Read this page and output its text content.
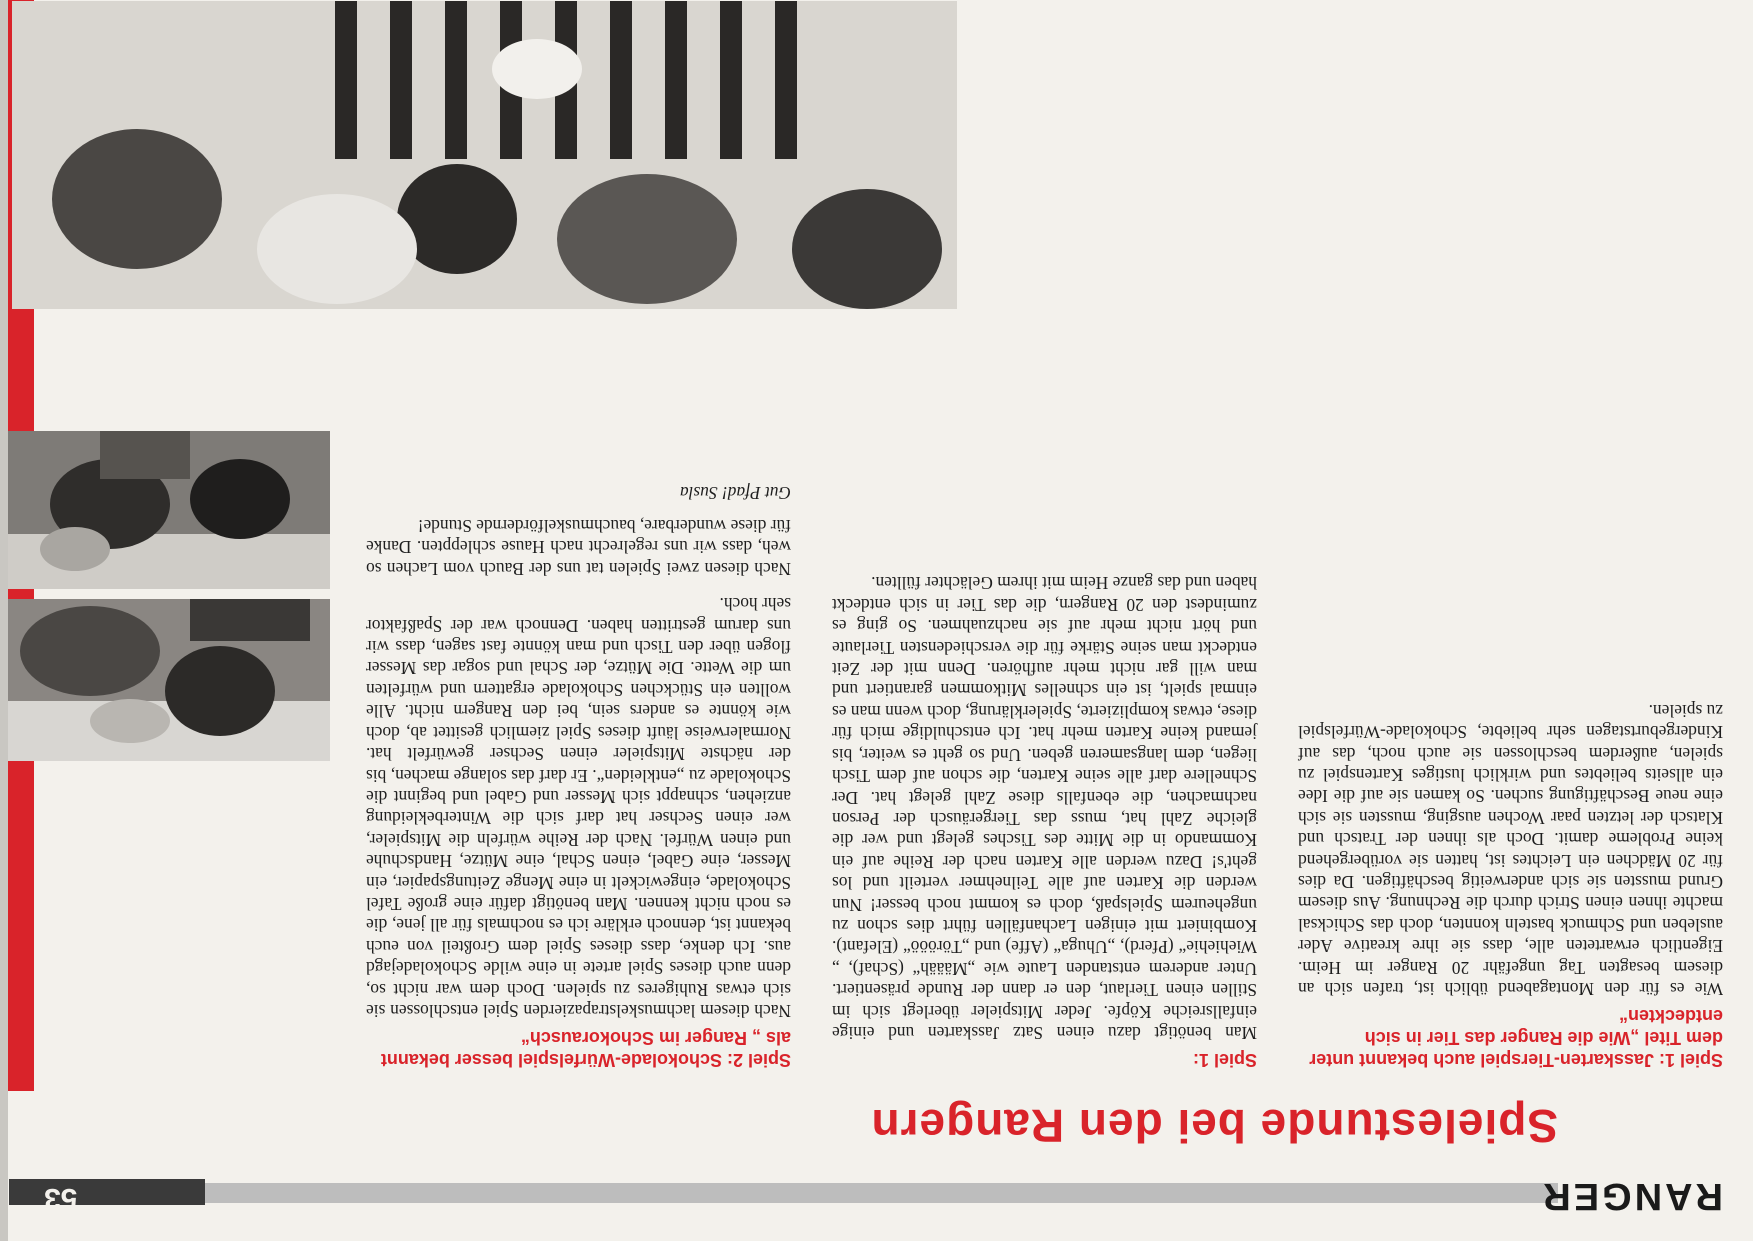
RANGER
53
Spielestunde bei den Rangern

Spiel 1: Jasskarten-Tierspiel auch bekannt unter dem Titel „Wie die Ranger das Tier in sich entdeckten“

Wie es für den Montagabend üblich ist, trafen sich an diesem besagten Tag ungefähr 20 Ranger im Heim. Eigentlich erwarteten alle, dass sie ihre kreative Ader ausleben und Schmuck basteln konnten, doch das Schicksal machte ihnen einen Strich durch die Rechnung. Aus diesem Grund mussten sie sich anderweitig beschäftigen. Da dies für 20 Mädchen ein Leichtes ist, hatten sie vorübergehend keine Probleme damit. Doch als ihnen der Tratsch und Klatsch der letzten paar Wochen ausging, mussten sie sich eine neue Beschäftigung suchen. So kamen sie auf die Idee ein allseits beliebtes und wirklich lustiges Kartenspiel zu spielen, außerdem beschlossen sie auch noch, das auf Kindergeburtstagen sehr beliebte, Schokolade-Würfelspiel zu spielen.

Spiel 1:

Man benötigt dazu einen Satz Jasskarten und einige einfallsreiche Köpfe. Jeder Mitspieler überlegt sich im Stillen einen Tierlaut, den er dann der Runde präsentiert. Unter anderem entstanden Laute wie „Määäh“ (Schaf), „ Wiehiehie“ (Pferd), „Uhuga“ (Affe) und „Törööö“ (Elefant). Kombiniert mit einigen Lachanfällen führt dies schon zu ungeheurem Spielspaß, doch es kommt noch besser! Nun werden die Karten auf alle Teilnehmer verteilt und los geht's! Dazu werden alle Karten nach der Reihe auf ein Kommando in die Mitte des Tisches gelegt und wer die gleiche Zahl hat, muss das Tiergeräusch der Person nachmachen, die ebenfalls diese Zahl gelegt hat. Der Schnellere darf alle seine Karten, die schon auf dem Tisch liegen, dem langsameren geben. Und so geht es weiter, bis jemand keine Karten mehr hat. Ich entschuldige mich für diese, etwas komplizierte, Spielerklärung, doch wenn man es einmal spielt, ist ein schnelles Mitkommen garantiert und man will gar nicht mehr aufhören. Denn mit der Zeit entdeckt man seine Stärke für die verschiedensten Tierlaute und hört nicht mehr auf sie nachzuahmen. So ging es zumindest den 20 Rangern, die das Tier in sich entdeckt haben und das ganze Heim mit ihrem Gelächter füllten.

Spiel 2: Schokolade-Würfelspiel besser bekannt als „ Ranger im Schokorausch“

Nach diesem lachmuskelstrapazierden Spiel entschlossen sie sich etwas Ruhigeres zu spielen. Doch dem war nicht so, denn auch dieses Spiel artete in eine wilde Schokoladejagd aus. Ich denke, dass dieses Spiel dem Großteil von euch bekannt ist, dennoch erkläre ich es nochmals für all jene, die es noch nicht kennen. Man benötigt dafür eine große Tafel Schokolade, eingewickelt in eine Menge Zeitungspapier, ein Messer, eine Gabel, einen Schal, eine Mütze, Handschuhe und einen Würfel. Nach der Reihe würfeln die Mitspieler, wer einen Sechser hat darf sich die Winterbekleidung anziehen, schnappt sich Messer und Gabel und beginnt die Schokolade zu „entkleiden“. Er darf das solange machen, bis der nächste Mitspieler einen Sechser gewürfelt hat. Normalerweise läuft dieses Spiel ziemlich gesittet ab, doch wie könnte es anders sein, bei den Rangern nicht. Alle wollten ein Stückchen Schokolade ergattern und würfelten um die Wette. Die Mütze, der Schal und sogar das Messer flogen über den Tisch und man könnte fast sagen, dass wir uns darum gestritten haben. Dennoch war der Spaßfaktor sehr hoch.

Nach diesen zwei Spielen tat uns der Bauch vom Lachen so weh, dass wir uns regelrecht nach Hause schleppten. Danke für diese wunderbare, bauchmuskelfördernde Stunde!

Gut Pfad! Susla
